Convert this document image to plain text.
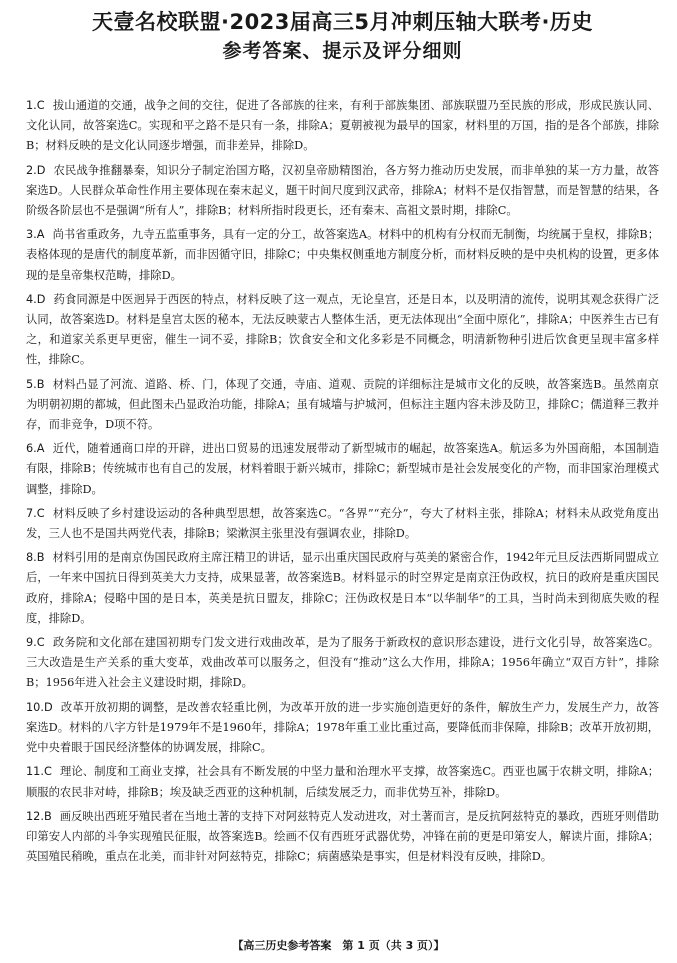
天壹名校联盟·2023届高三5月冲刺压轴大联考·历史
参考答案、提示及评分细则

1.C 拔山通道的交通，战争之间的交往，促进了各部族的往来，有利于部族集团、部族联盟乃至民族的形成，形成民族认同、文化认同，故答案选C。实现和平之路不是只有一条，排除A；夏朝被视为最早的国家，材料里的万国，指的是各个部族，排除B；材料反映的是文化认同逐步增强，而非差异，排除D。

2.D 农民战争推翻暴秦，知识分子制定治国方略，汉初皇帝励精图治，各方努力推动历史发展，而非单独的某一方力量，故答案选D。人民群众革命性作用主要体现在秦末起义，题干时间尺度到汉武帝，排除A；材料不是仅指智慧，而是智慧的结果，各阶级各阶层也不是强调“所有人”，排除B；材料所指时段更长，还有秦末、高祖文景时期，排除C。

3.A 尚书省重政务，九寺五监重事务，具有一定的分工，故答案选A。材料中的机构有分权而无制衡，均统属于皇权，排除B；表格体现的是唐代的制度革新，而非因循守旧，排除C；中央集权侧重地方制度分析，而材料反映的是中央机构的设置，更多体现的是皇帝集权范畴，排除D。

4.D 药食同源是中医迥异于西医的特点，材料反映了这一观点，无论皇宫，还是日本，以及明清的流传，说明其观念获得广泛认同，故答案选D。材料是皇宫太医的秘本，无法反映蒙古人整体生活，更无法体现出“全面中原化”，排除A；中医养生古已有之，和道家关系更早更密，催生一词不妥，排除B；饮食安全和文化多彩是不同概念，明清新物种引进后饮食更呈现丰富多样性，排除C。

5.B 材料凸显了河流、道路、桥、门，体现了交通，寺庙、道观、贡院的详细标注是城市文化的反映，故答案选B。虽然南京为明朝初期的都城，但此图未凸显政治功能，排除A；虽有城墙与护城河，但标注主题内容未涉及防卫，排除C；儒道释三教并存，而非竞争，D项不符。

6.A 近代，随着通商口岸的开辟，进出口贸易的迅速发展带动了新型城市的崛起，故答案选A。航运多为外国商船，本国制造有限，排除B；传统城市也有自己的发展，材料着眼于新兴城市，排除C；新型城市是社会发展变化的产物，而非国家治理模式调整，排除D。

7.C 材料反映了乡村建设运动的各种典型思想，故答案选C。“各界”“充分”，夸大了材料主张，排除A；材料未从政党角度出发，三人也不是国共两党代表，排除B；梁漱溟主张里没有强调农业，排除D。

8.B 材料引用的是南京伪国民政府主席汪精卫的讲话，显示出重庆国民政府与英美的紧密合作，1942年元旦反法西斯同盟成立后，一年来中国抗日得到英美大力支持，成果显著，故答案选B。材料显示的时空界定是南京汪伪政权，抗日的政府是重庆国民政府，排除A；侵略中国的是日本，英美是抗日盟友，排除C；汪伪政权是日本“以华制华”的工具，当时尚未到彻底失败的程度，排除D。

9.C 政务院和文化部在建国初期专门发文进行戏曲改革，是为了服务于新政权的意识形态建设，进行文化引导，故答案选C。三大改造是生产关系的重大变革，戏曲改革可以服务之，但没有“推动”这么大作用，排除A；1956年确立“双百方针”，排除B；1956年进入社会主义建设时期，排除D。

10.D 改革开放初期的调整，是改善农轻重比例，为改革开放的进一步实施创造更好的条件，解放生产力，发展生产力，故答案选D。材料的八字方针是1979年不是1960年，排除A；1978年重工业比重过高，要降低而非保障，排除B；改革开放初期，党中央着眼于国民经济整体的协调发展，排除C。

11.C 理论、制度和工商业支撑，社会具有不断发展的中坚力量和治理水平支撑，故答案选C。西亚也属于农耕文明，排除A；顺服的农民非对峙，排除B；埃及缺乏西亚的这种机制，后续发展乏力，而非优势互补，排除D。

12.B 画反映出西班牙殖民者在当地土著的支持下对阿兹特克人发动进攻，对土著而言，是反抗阿兹特克的暴政，西班牙则借助印第安人内部的斗争实现殖民征服，故答案选B。绘画不仅有西班牙武器优势，冲锋在前的更是印第安人，解读片面，排除A；英国殖民稍晚，重点在北美，而非针对阿兹特克，排除C；病菌感染是事实，但是材料没有反映，排除D。

【高三历史参考答案　第 1 页（共 3 页）】
